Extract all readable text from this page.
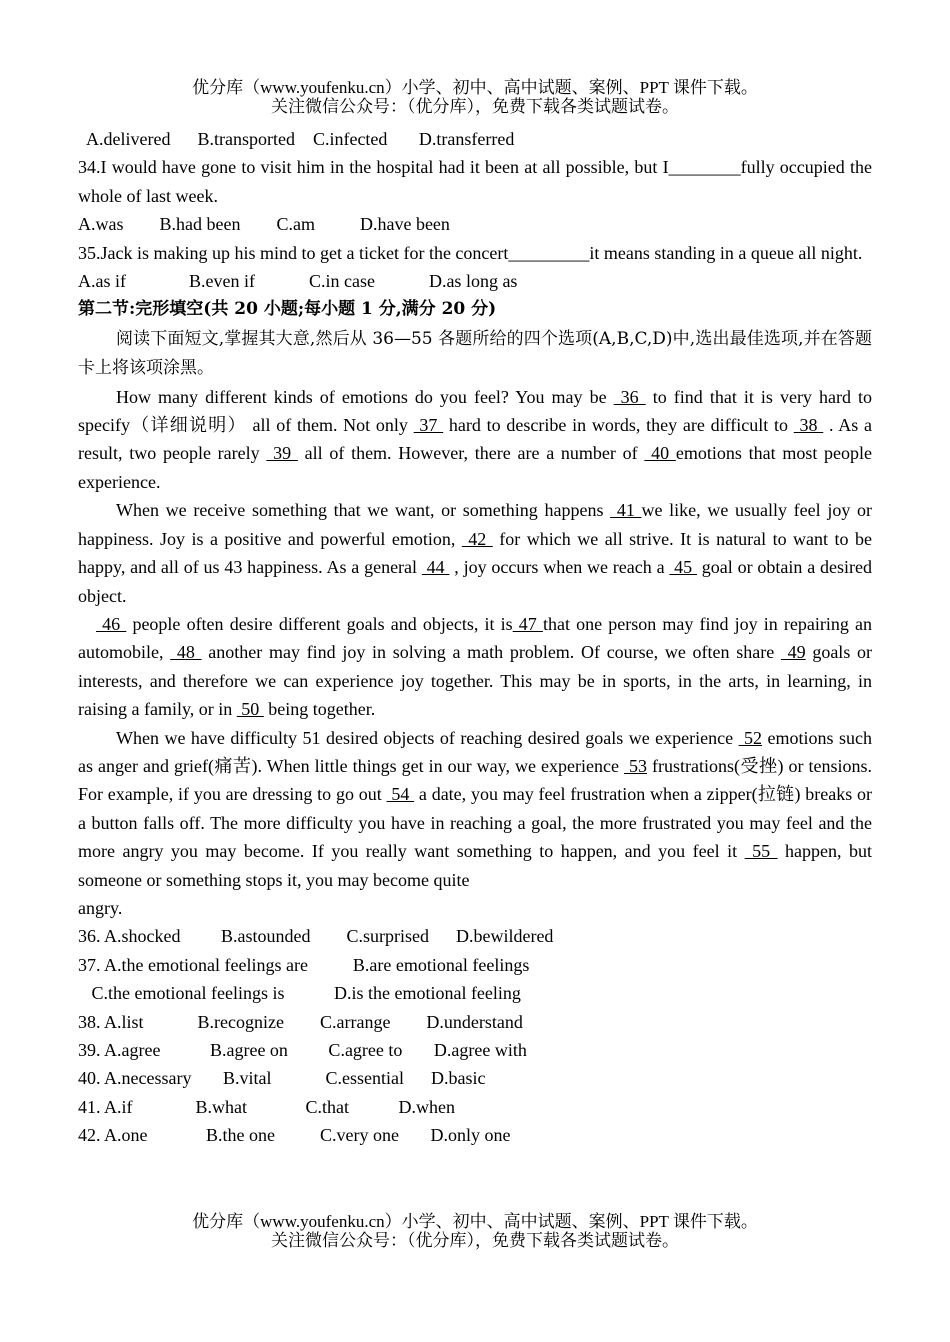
优分库（www.youfenku.cn）小学、初中、高中试题、案例、PPT 课件下载。
关注微信公众号：（优分库），免费下载各类试题试卷。

A.delivered      B.transported    C.infected       D.transferred

34.I would have gone to visit him in the hospital had it been at all possible, but I________fully occupied the whole of last week.

A.was        B.had been        C.am          D.have been

35.Jack is making up his mind to get a ticket for the concert_________it means standing in a queue all night.

A.as if              B.even if            C.in case            D.as long as

第二节:完形填空(共 20 小题;每小题 1 分,满分 20 分)

阅读下面短文,掌握其大意,然后从 36—55 各题所给的四个选项(A,B,C,D)中,选出最佳选项,并在答题卡上将该项涂黑。

How many different kinds of emotions do you feel? You may be  36  to find that it is very hard to specify（详细说明） all of them. Not only  37  hard to describe in words, they are difficult to  38  . As a result, two people rarely  39  all of them. However, there are a number of  40 emotions that most people experience.

When we receive something that we want, or something happens  41 we like, we usually feel joy or happiness. Joy is a positive and powerful emotion,  42  for which we all strive. It is natural to want to be happy, and all of us 43 happiness. As a general  44  , joy occurs when we reach a  45  goal or obtain a desired object.

46  people often desire different goals and objects, it is 47 that one person may find joy in repairing an automobile,  48  another may find joy in solving a math problem. Of course, we often share  49 goals or interests, and therefore we can experience joy together. This may be in sports, in the arts, in learning, in raising a family, or in  50  being together.

When we have difficulty 51 desired objects of reaching desired goals we experience  52 emotions such as anger and grief(痛苦). When little things get in our way, we experience  53 frustrations(受挫) or tensions. For example, if you are dressing to go out  54  a date, you may feel frustration when a zipper(拉链) breaks or a button falls off. The more difficulty you have in reaching a goal, the more frustrated you may feel and the more angry you may become. If you really want something to happen, and you feel it  55  happen, but someone or something stops it, you may become quite

angry.

36. A.shocked         B.astounded        C.surprised      D.bewildered

37. A.the emotional feelings are          B.are emotional feelings

C.the emotional feelings is           D.is the emotional feeling

38. A.list            B.recognize        C.arrange        D.understand

39. A.agree           B.agree on         C.agree to       D.agree with

40. A.necessary       B.vital            C.essential      D.basic

41. A.if              B.what             C.that           D.when

42. A.one             B.the one          C.very one       D.only one

优分库（www.youfenku.cn）小学、初中、高中试题、案例、PPT 课件下载。
关注微信公众号：（优分库），免费下载各类试题试卷。
